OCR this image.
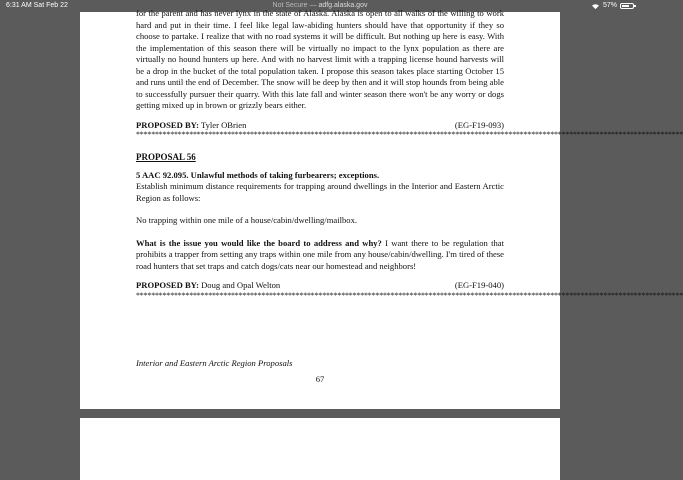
6:31 AM Sat Feb 22	Not Secure — adfg.alaska.gov	57%

for the parent and has never lynx in the state of Alaska. Alaska is open to all walks of the willing to work hard and put in their time. I feel like legal law-abiding hunters should have that opportunity if they so choose to partake. I realize that with no road systems it will be difficult. But nothing up here is easy. With the implementation of this season there will be virtually no impact to the lynx population as there are virtually no hound hunters up here. And with no harvest limit with a trapping license hound harvests will be a drop in the bucket of the total population taken. I propose this season takes place starting October 15 and runs until the end of December. The snow will be deep by then and it will stop hounds from being able to successfully pursuer their quarry. With this late fall and winter season there won't be any worry or dogs getting mixed up in brown or grizzly bears either.

PROPOSED BY: Tyler OBrien	(EG-F19-093)
************************************************************************************************************************************************
PROPOSAL 56
5 AAC 92.095. Unlawful methods of taking furbearers; exceptions.

Establish minimum distance requirements for trapping around dwellings in the Interior and Eastern Arctic Region as follows:

No trapping within one mile of a house/cabin/dwelling/mailbox.

What is the issue you would like the board to address and why? I want there to be regulation that prohibits a trapper from setting any traps within one mile from any house/cabin/dwelling. I'm tired of these road hunters that set traps and catch dogs/cats near our homestead and neighbors!

PROPOSED BY: Doug and Opal Welton	(EG-F19-040)
************************************************************************************************************************************************
Interior and Eastern Arctic Region Proposals
67
